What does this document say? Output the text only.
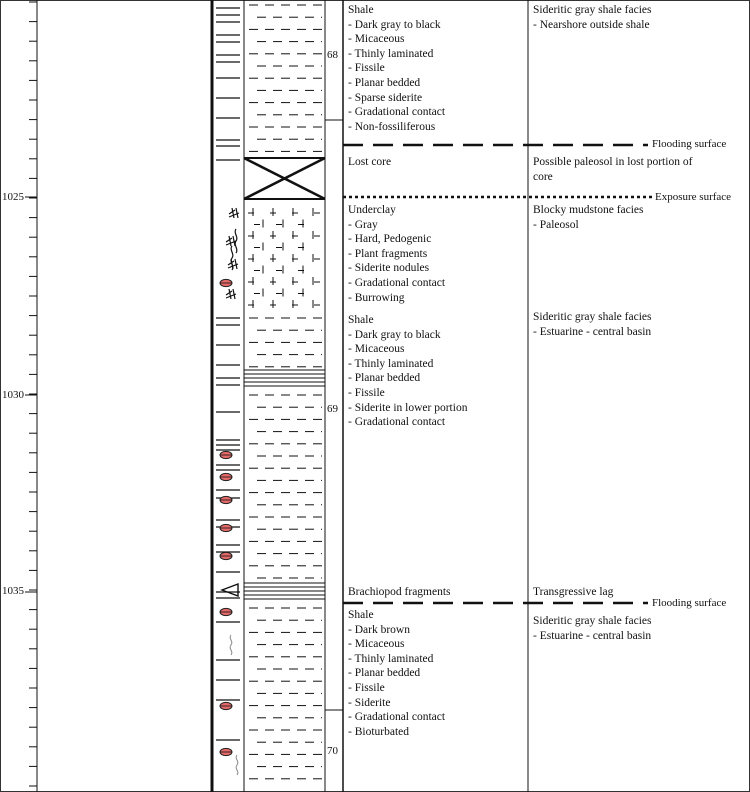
1025
1030
1035
68
69
70
Flooding surface
Exposure surface
Flooding surface
Shale
- Dark gray to black
- Micaceous
- Thinly laminated
- Fissile
- Planar bedded
- Sparse siderite
- Gradational contact
- Non-fossiliferous
Lost core
Underclay
- Gray
- Hard, Pedogenic
- Plant fragments
- Siderite nodules
- Gradational contact
- Burrowing
Shale
- Dark gray to black
- Micaceous
- Thinly laminated
- Planar bedded
- Fissile
- Siderite in lower portion
- Gradational contact
Brachiopod fragments
Shale
- Dark brown
- Micaceous
- Thinly laminated
- Planar bedded
- Fissile
- Siderite
- Gradational contact
- Bioturbated
Sideritic gray shale facies
- Nearshore outside shale
Possible paleosol in lost portion of
core
Blocky mudstone facies
- Paleosol
Sideritic gray shale facies
- Estuarine - central basin
Transgressive lag
Sideritic gray shale facies
- Estuarine - central basin
